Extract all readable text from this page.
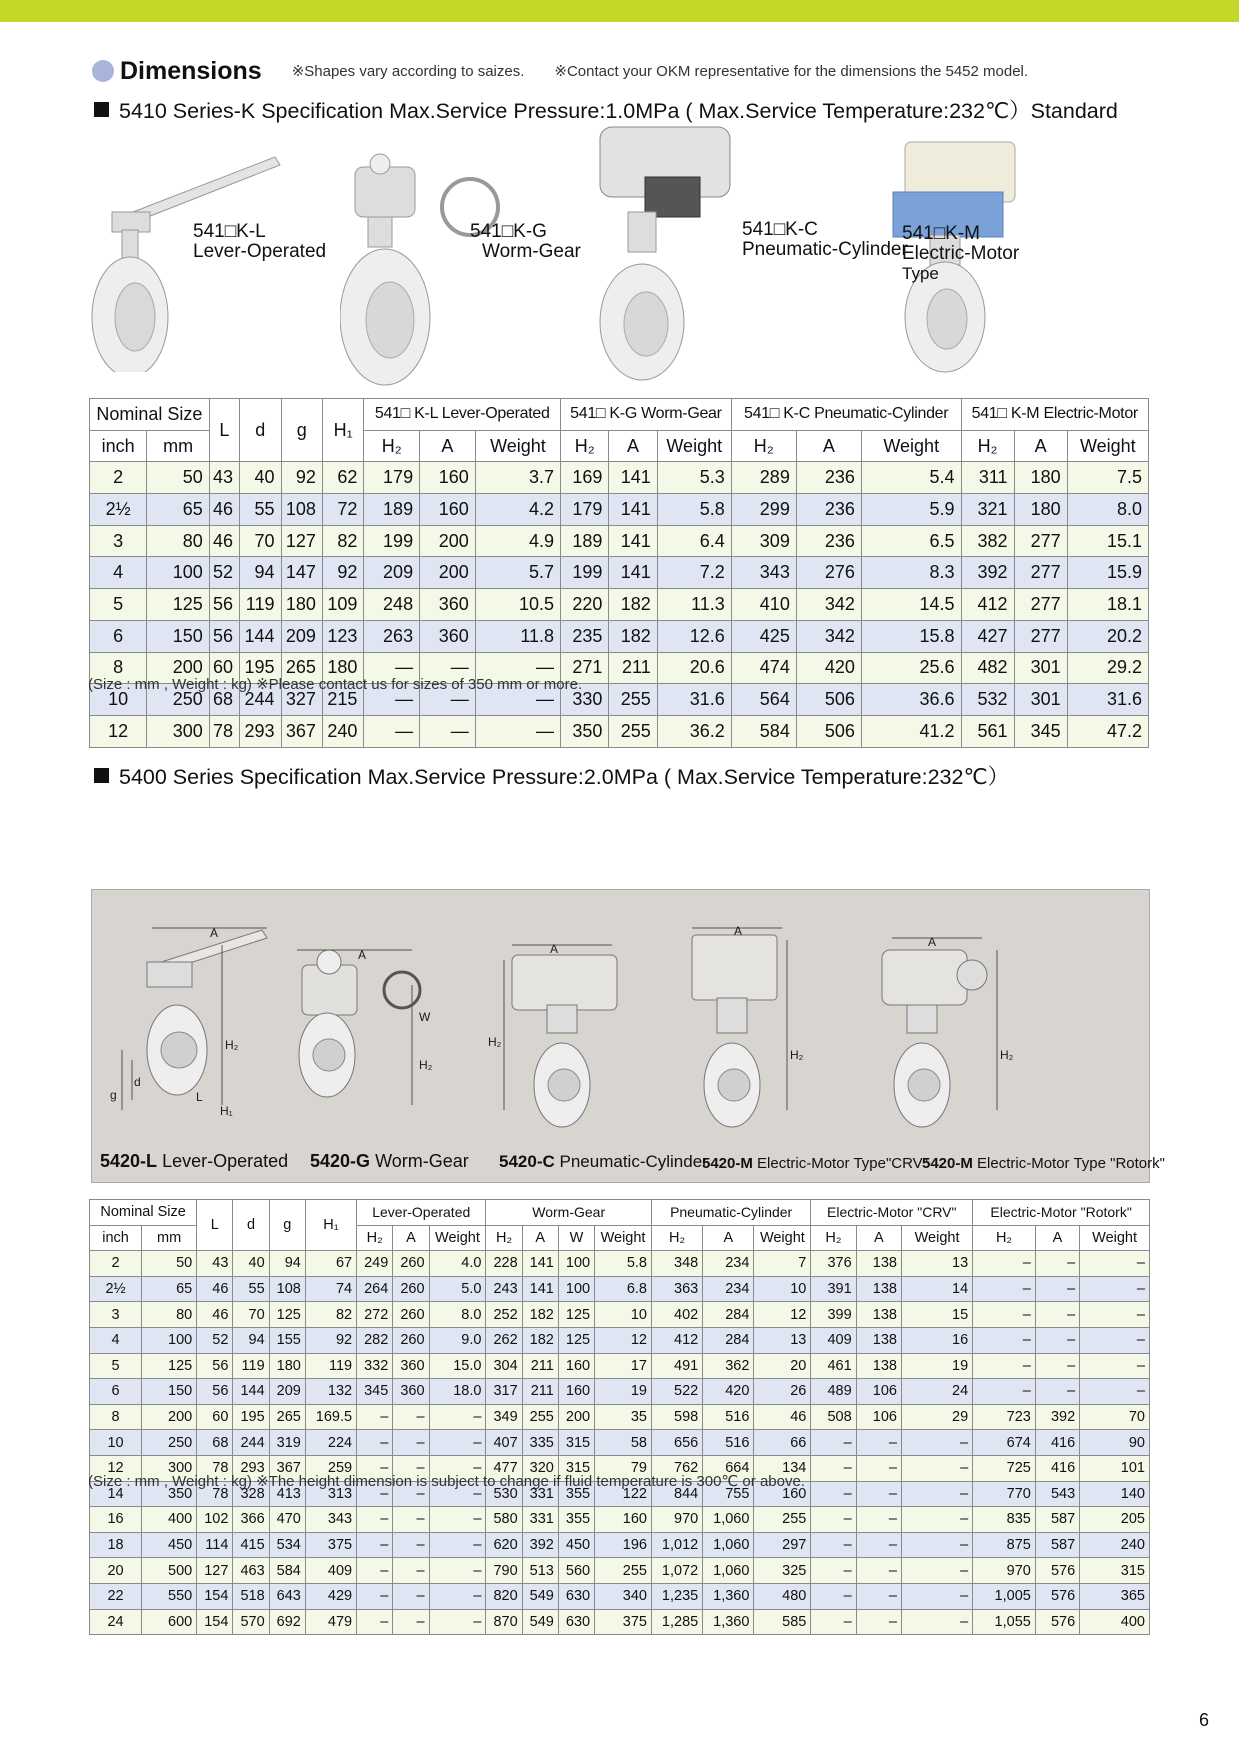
Dimensions ※Shapes vary according to saizes. ※Contact your OKM representative for the dimensions the 5452 model.
5410 Series-K Specification Max.Service Pressure:1.0MPa ( Max.Service Temperature:232℃）Standard
541□K-L
Lever-Operated
541□K-G
Worm-Gear
541□K-C
Pneumatic-Cylinder
541□K-M
Electric-Motor
Type
Nominal Size		L	d	g	H₁	541□ K-L Lever-Operated			541□ K-G Worm-Gear			541□ K-C Pneumatic-Cylinder			541□ K-M Electric-Motor		
inch	mm					H₂	A	Weight	H₂	A	Weight	H₂	A	Weight	H₂	A	Weight
2	50	43	40	92	62	179	160	3.7	169	141	5.3	289	236	5.4	311	180	7.5
2½	65	46	55	108	72	189	160	4.2	179	141	5.8	299	236	5.9	321	180	8.0
3	80	46	70	127	82	199	200	4.9	189	141	6.4	309	236	6.5	382	277	15.1
4	100	52	94	147	92	209	200	5.7	199	141	7.2	343	276	8.3	392	277	15.9
5	125	56	119	180	109	248	360	10.5	220	182	11.3	410	342	14.5	412	277	18.1
6	150	56	144	209	123	263	360	11.8	235	182	12.6	425	342	15.8	427	277	20.2
8	200	60	195	265	180	—	—	—	271	211	20.6	474	420	25.6	482	301	29.2
10	250	68	244	327	215	—	—	—	330	255	31.6	564	506	36.6	532	301	31.6
12	300	78	293	367	240	—	—	—	350	255	36.2	584	506	41.2	561	345	47.2
(Size : mm , Weight : kg) ※Please contact us for sizes of 350 mm or more.
5400 Series Specification Max.Service Pressure:2.0MPa ( Max.Service Temperature:232℃）
A
H₂
g
d
L
H₁
A
W
H₂
A
H₂
A
H₂
A
H₂
5420-L Lever-Operated 5420-G Worm-Gear 5420-C Pneumatic-Cylinder
5420-M Electric-Motor Type"CRV"
5420-M Electric-Motor Type "Rotork"
Nominal Size		L	d	g	H₁	Lever-Operated			Worm-Gear				Pneumatic-Cylinder			Electric-Motor "CRV"			Electric-Motor "Rotork"		
inch	mm					H₂	A	Weight	H₂	A	W	Weight	H₂	A	Weight	H₂	A	Weight	H₂	A	Weight
2	50	43	40	94	67	249	260	4.0	228	141	100	5.8	348	234	7	376	138	13	–	–	–
2½	65	46	55	108	74	264	260	5.0	243	141	100	6.8	363	234	10	391	138	14	–	–	–
3	80	46	70	125	82	272	260	8.0	252	182	125	10	402	284	12	399	138	15	–	–	–
4	100	52	94	155	92	282	260	9.0	262	182	125	12	412	284	13	409	138	16	–	–	–
5	125	56	119	180	119	332	360	15.0	304	211	160	17	491	362	20	461	138	19	–	–	–
6	150	56	144	209	132	345	360	18.0	317	211	160	19	522	420	26	489	106	24	–	–	–
8	200	60	195	265	169.5	–	–	–	349	255	200	35	598	516	46	508	106	29	723	392	70
10	250	68	244	319	224	–	–	–	407	335	315	58	656	516	66	–	–	–	674	416	90
12	300	78	293	367	259	–	–	–	477	320	315	79	762	664	134	–	–	–	725	416	101
14	350	78	328	413	313	–	–	–	530	331	355	122	844	755	160	–	–	–	770	543	140
16	400	102	366	470	343	–	–	–	580	331	355	160	970	1,060	255	–	–	–	835	587	205
18	450	114	415	534	375	–	–	–	620	392	450	196	1,012	1,060	297	–	–	–	875	587	240
20	500	127	463	584	409	–	–	–	790	513	560	255	1,072	1,060	325	–	–	–	970	576	315
22	550	154	518	643	429	–	–	–	820	549	630	340	1,235	1,360	480	–	–	–	1,005	576	365
24	600	154	570	692	479	–	–	–	870	549	630	375	1,285	1,360	585	–	–	–	1,055	576	400
(Size : mm , Weight : kg) ※The height dimension is subject to change if fluid temperature is 300℃ or above.
6
